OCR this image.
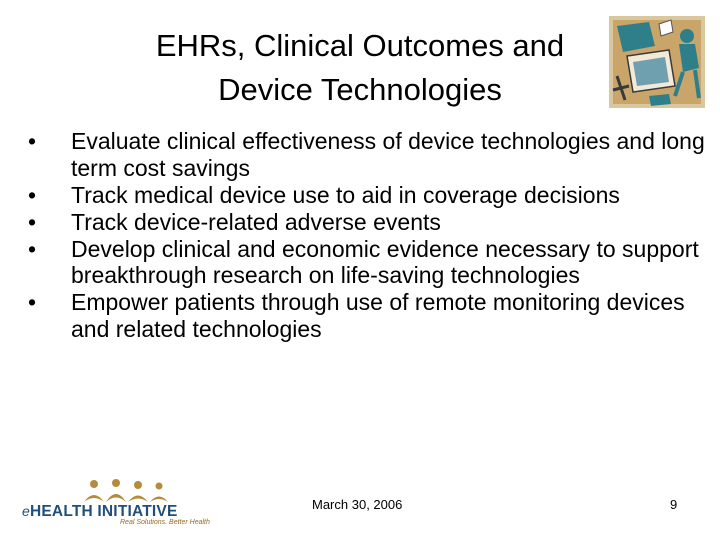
EHRs, Clinical Outcomes and
Device Technologies
• Evaluate clinical effectiveness of device technologies and long term cost savings
• Track medical device use to aid in coverage decisions
• Track device-related adverse events
• Develop clinical and economic evidence necessary to support breakthrough research on life-saving technologies
• Empower patients through use of remote monitoring devices and related technologies
eHEALTH INITIATIVE
Real Solutions. Better Health
March 30, 2006	9
